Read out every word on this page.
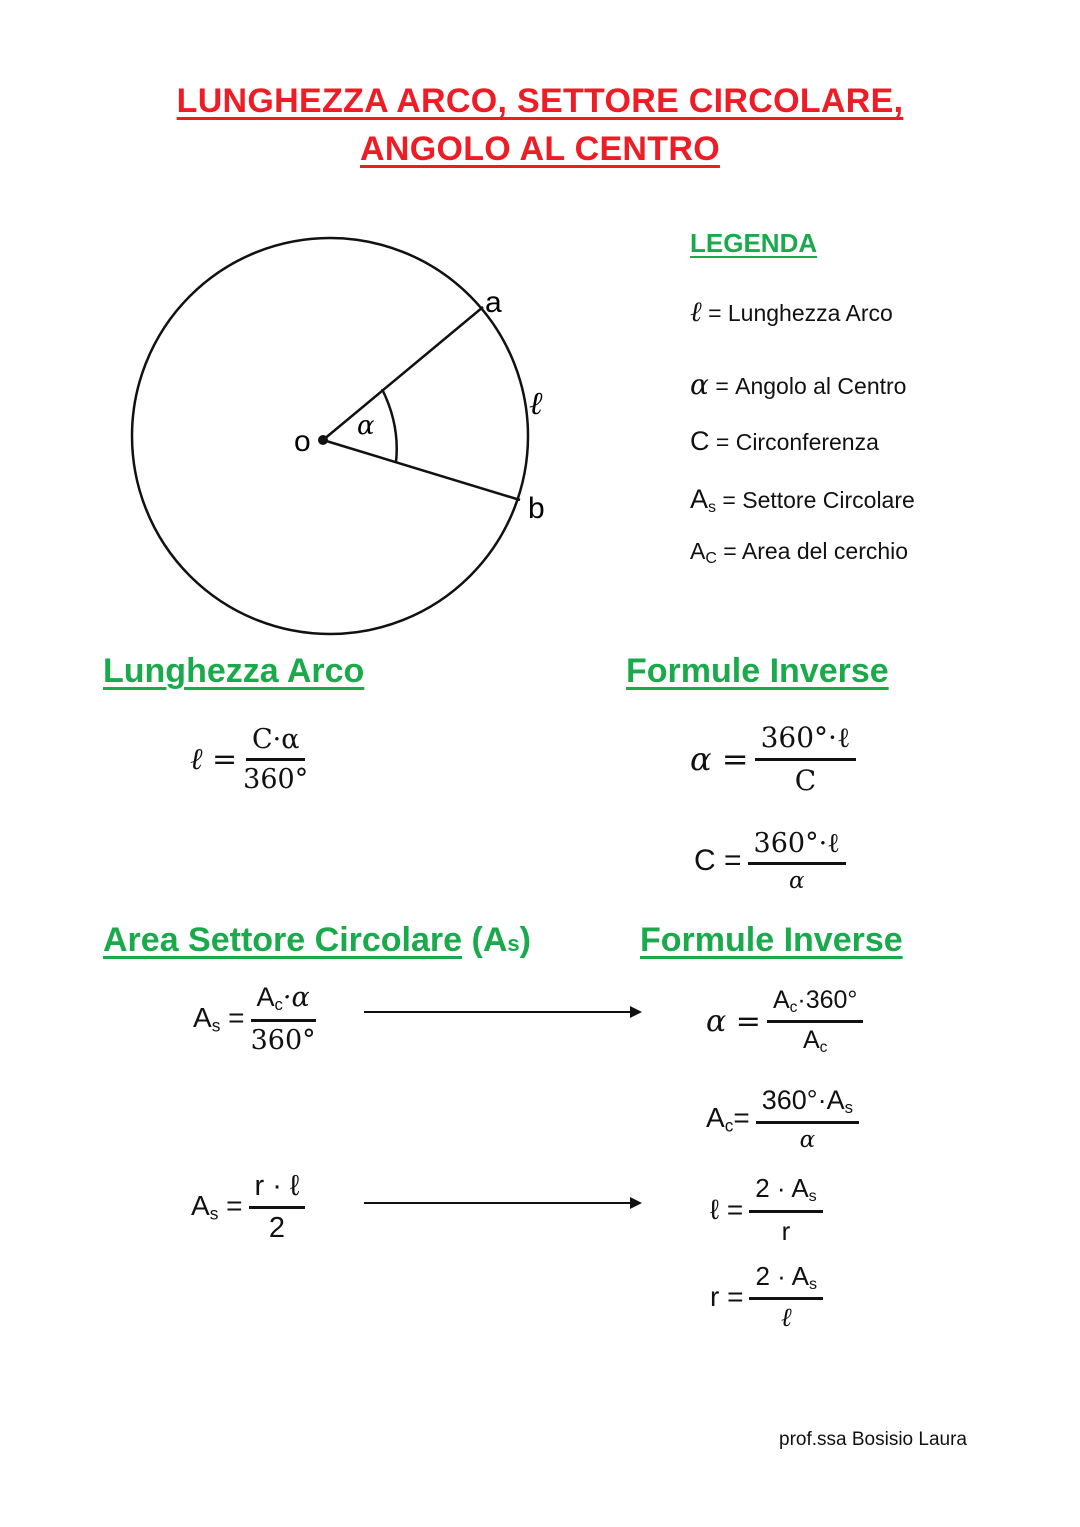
LUNGHEZZA ARCO, SETTORE CIRCOLARE,
ANGOLO AL CENTRO
o
a
b
ℓ
α
LEGENDA
ℓ = Lunghezza Arco
α = Angolo al Centro
C = Circonferenza
$A_s$ = Settore Circolare
$A_C$ = Area del cerchio
Lunghezza Arco	Formule Inverse
Area Settore Circolare (As)	Formule Inverse
ℓ = $\frac{C\cdot\alpha}{360^\circ}$	$\alpha = \frac{\text{360°·ℓ}}{C}$
$C = \frac{\text{360°·ℓ}}{\alpha}$
$A_s = \frac{A_c\cdot\alpha}{360^\circ}$	$\alpha = \frac{A_c\cdot 360^\circ}{A_c}$
$A_c= \frac{360^\circ\cdot A_s}{\alpha}$
$A_s = \frac{\text{r · ℓ}}{2}$	ℓ = $\frac{2 \cdot A_s}{r}$
$r = \frac{2 \cdot A_s}{\text{ℓ}}$
prof.ssa Bosisio Laura
